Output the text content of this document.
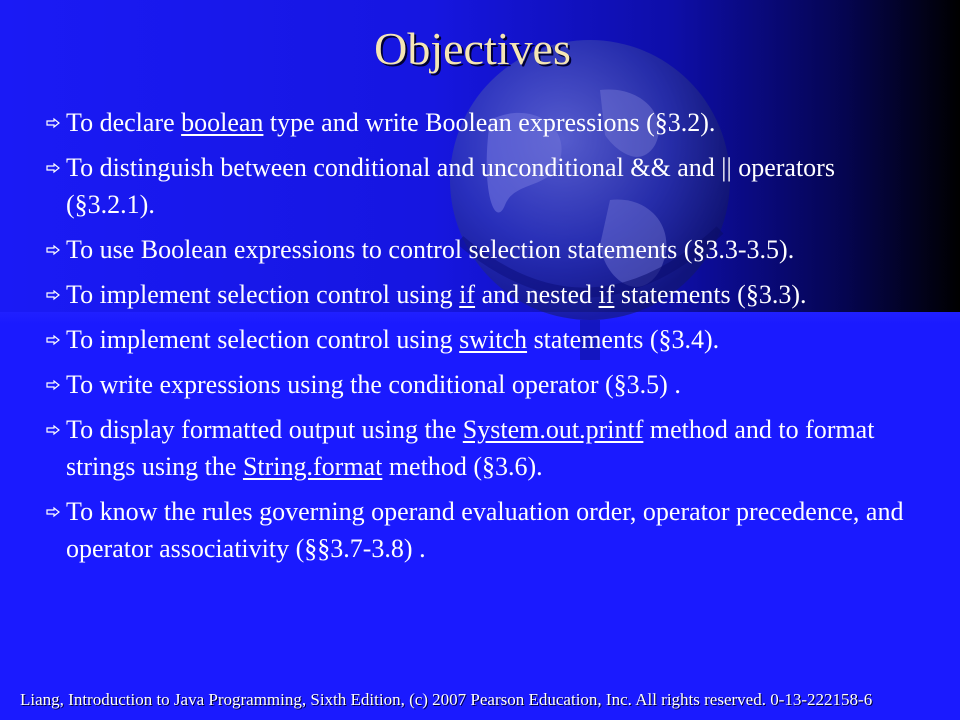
Objectives
To declare boolean type and write Boolean expressions (§3.2).
To distinguish between conditional and unconditional && and || operators (§3.2.1).
To use Boolean expressions to control selection statements (§3.3-3.5).
To implement selection control using if and nested if statements (§3.3).
To implement selection control using switch statements (§3.4).
To write expressions using the conditional operator (§3.5) .
To display formatted output using the System.out.printf method and to format strings using the String.format method (§3.6).
To know the rules governing operand evaluation order, operator precedence, and operator associativity (§§3.7-3.8) .
Liang, Introduction to Java Programming, Sixth Edition, (c) 2007 Pearson Education, Inc. All rights reserved. 0-13-222158-6
